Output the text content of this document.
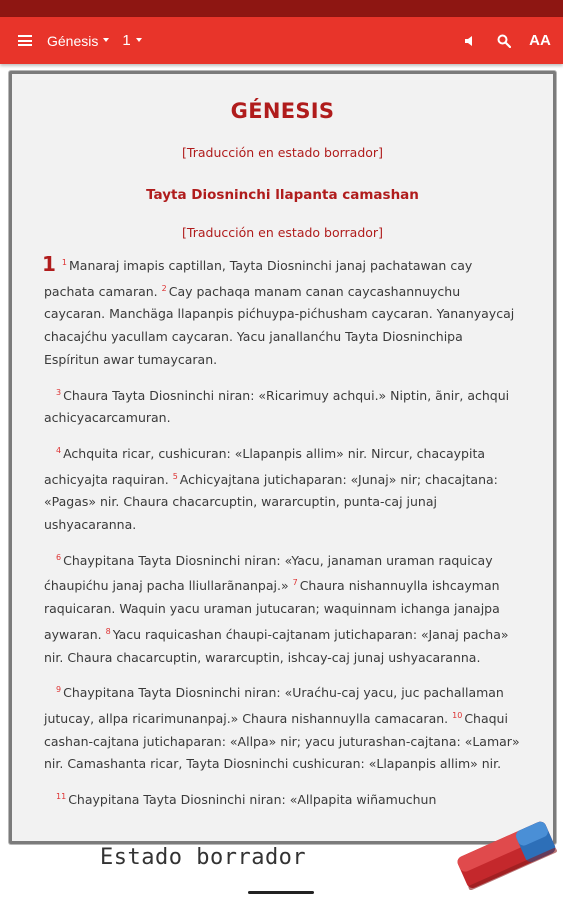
Génesis 1	AA
GÉNESIS
[Traducción en estado borrador]
Tayta Diosninchi llapanta camashan
[Traducción en estado borrador]

1 $^1$ Manaraj imapis captillan, Tayta Diosninchi janaj pachatawan cay pachata camaran. $^2$ Cay pachaqa manam canan caycashannuychu caycaran. Manchäga llapanpis pićhuypa-pićhusham caycaran. Yananyaycaj chacajćhu yacullam caycaran. Yacu janallanćhu Tayta Diosninchipa Espíritun awar tumaycaran.

$^3$ Chaura Tayta Diosninchi niran: «Ricarimuy achqui.» Niptin, ãnir, achqui achicyacarcamuran.

$^4$ Achquita ricar, cushicuran: «Llapanpis allim» nir. Nircur, chacaypita achicyajta raquiran. $^5$ Achicyajtana jutichaparan: «Junaj» nir; chacajtana: «Pagas» nir. Chaura chacarcuptin, wararcuptin, punta-caj junaj ushyacaranna.

$^6$ Chaypitana Tayta Diosninchi niran: «Yacu, janaman uraman raquicay ćhaupićhu janaj pacha lliullarãnanpaj.» $^7$ Chaura nishannuylla ishcayman raquicaran. Waquin yacu uraman jutucaran; waquinnam ichanga janajpa aywaran. $^8$ Yacu raquicashan ćhaupi-cajtanam jutichaparan: «Janaj pacha» nir. Chaura chacarcuptin, wararcuptin, ishcay-caj junaj ushyacaranna.

$^9$ Chaypitana Tayta Diosninchi niran: «Uraćhu-caj yacu, juc pachallaman jutucay, allpa ricarimunanpaj.» Chaura nishannuylla camacaran. $^{10}$ Chaqui cashan-cajtana jutichaparan: «Allpa» nir; yacu juturashan-cajtana: «Lamar» nir. Camashanta ricar, Tayta Diosninchi cushicuran: «Llapanpis allim» nir.

$^{11}$ Chaypitana Tayta Diosninchi niran: «Allpapita wiñamuchun

Estado borrador
